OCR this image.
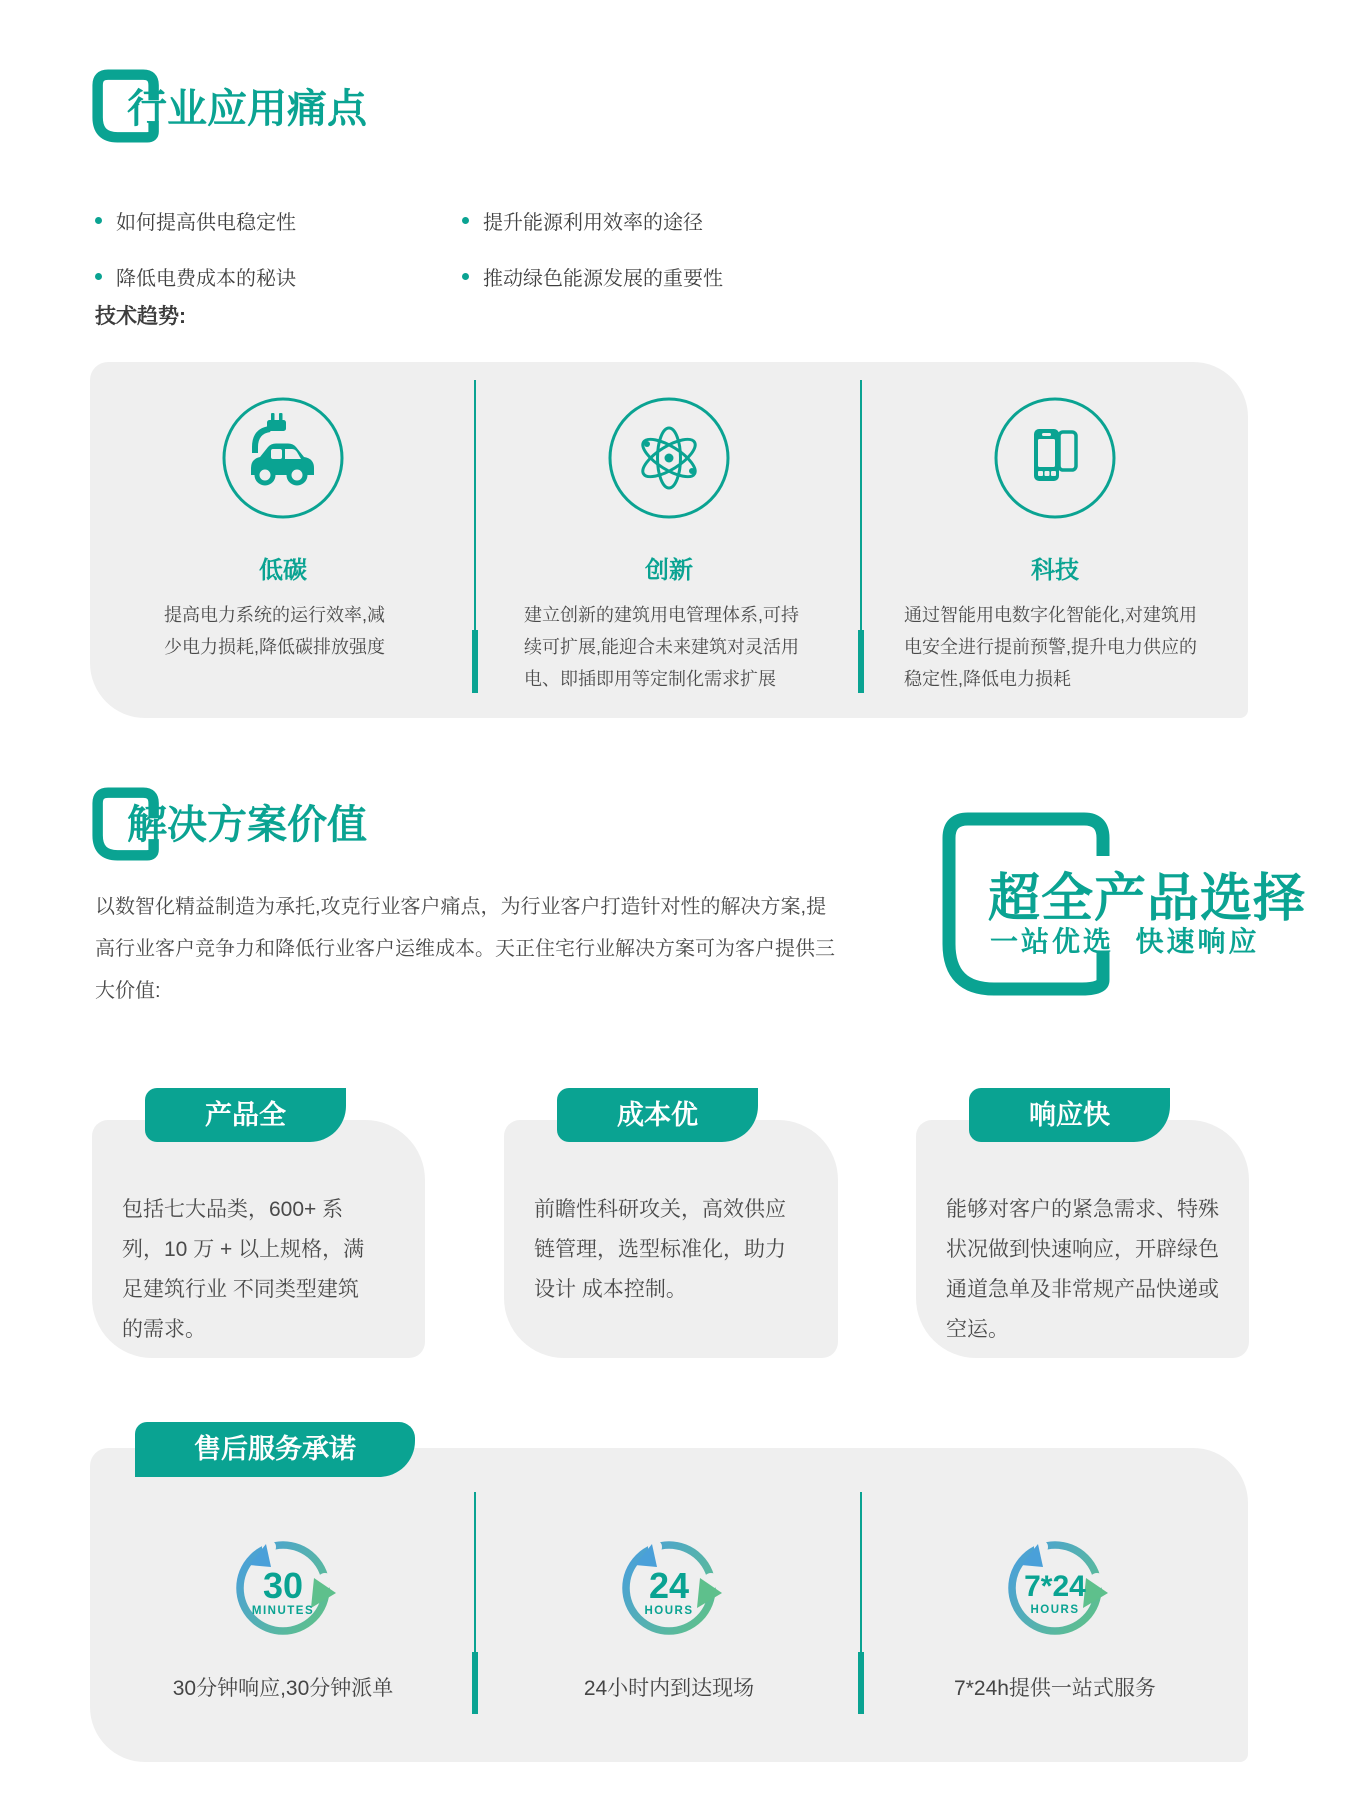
行业应用痛点
如何提高供电稳定性
降低电费成本的秘诀
提升能源利用效率的途径
推动绿色能源发展的重要性
技术趋势:
低碳
提高电力系统的运行效率,减少电力损耗,降低碳排放强度
创新
建立创新的建筑用电管理体系,可持续可扩展,能迎合未来建筑对灵活用电、即插即用等定制化需求扩展
科技
通过智能用电数字化智能化,对建筑用电安全进行提前预警,提升电力供应的稳定性,降低电力损耗
解决方案价值
以数智化精益制造为承托,攻克行业客户痛点，为行业客户打造针对性的解决方案,提高行业客户竞争力和降低行业客户运维成本。天正住宅行业解决方案可为客户提供三大价值:
超全产品选择
一站优选  快速响应
包括七大品类，600+ 系列，10 万 + 以上规格，满足建筑行业 不同类型建筑的需求。
产品全
前瞻性科研攻关，高效供应链管理，选型标准化，助力设计 成本控制。
成本优
能够对客户的紧急需求、特殊状况做到快速响应，开辟绿色通道急单及非常规产品快递或空运。
响应快
售后服务承诺
30
MINUTES
30分钟响应,30分钟派单
24
HOURS
24小时内到达现场
7*24
HOURS
7*24h提供一站式服务
